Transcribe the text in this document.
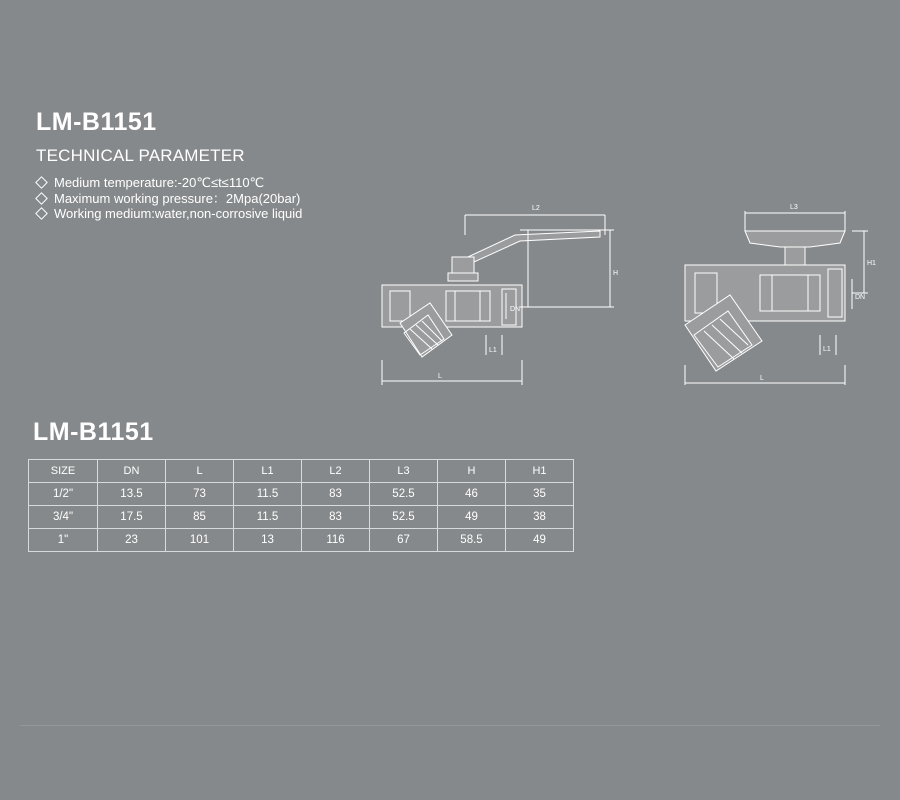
LM-B1151
TECHNICAL PARAMETER
Medium temperature:-20℃≤t≤110℃
Maximum working pressure：2Mpa(20bar)
Working medium:water,non-corrosive liquid	L2
H
DN
L1
L
L3
H1
DN
L1
L
LM-B1151
SIZE	DN	L	L1	L2	L3	H	H1
1/2"	13.5	73	11.5	83	52.5	46	35
3/4"	17.5	85	11.5	83	52.5	49	38
1"	23	101	13	116	67	58.5	49
